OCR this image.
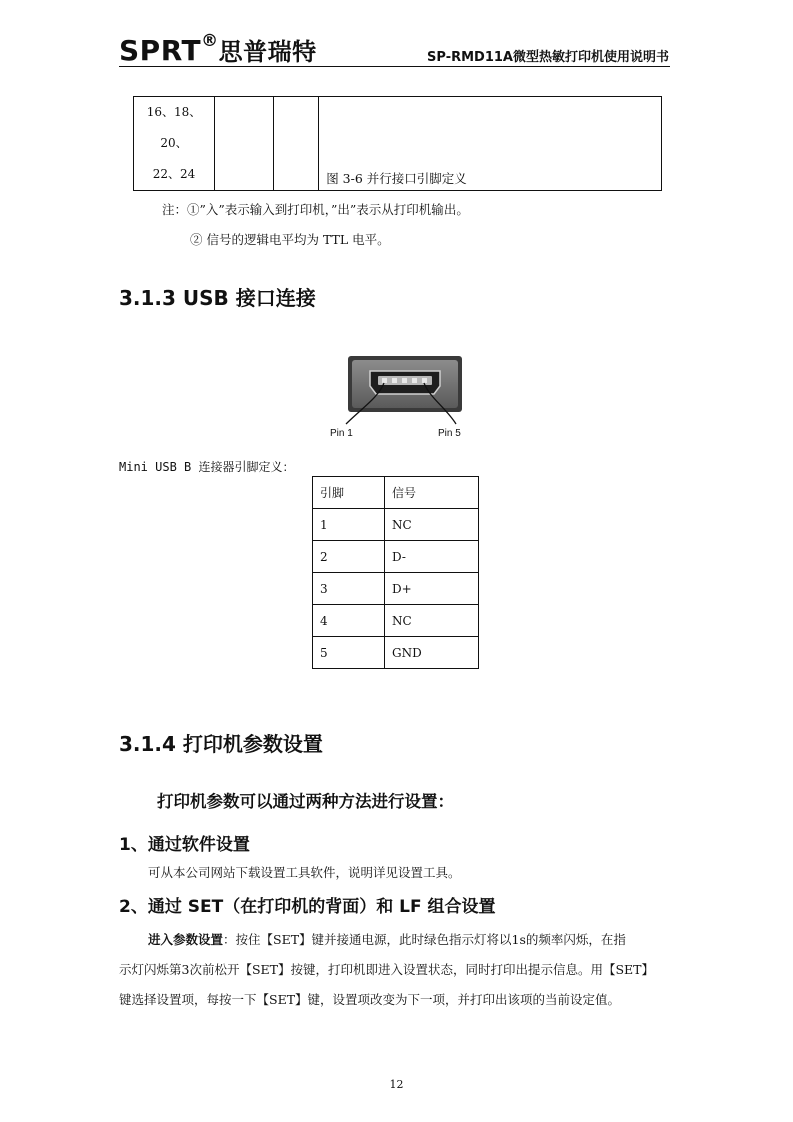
SPRT®思普瑞特	SP-RMD11A微型热敏打印机使用说明书
16、18、20、
22、24
				图 3-6 并行接口引脚定义
注：①”入”表示输入到打印机，”出”表示从打印机输出。
② 信号的逻辑电平均为 TTL 电平。
3.1.3 USB 接口连接
Pin 1	Pin 5
Mini USB B 连接器引脚定义：
引脚	信号
1	NC
2	D-
3	D+
4	NC
5	GND
3.1.4 打印机参数设置
打印机参数可以通过两种方法进行设置：
1、通过软件设置
可从本公司网站下载设置工具软件，说明详见设置工具。
2、通过 SET（在打印机的背面）和 LF 组合设置
进入参数设置：按住【SET】键并接通电源，此时绿色指示灯将以1s的频率闪烁，在指
示灯闪烁第3次前松开【SET】按键，打印机即进入设置状态，同时打印出提示信息。用【SET】
键选择设置项，每按一下【SET】键，设置项改变为下一项，并打印出该项的当前设定值。
12
